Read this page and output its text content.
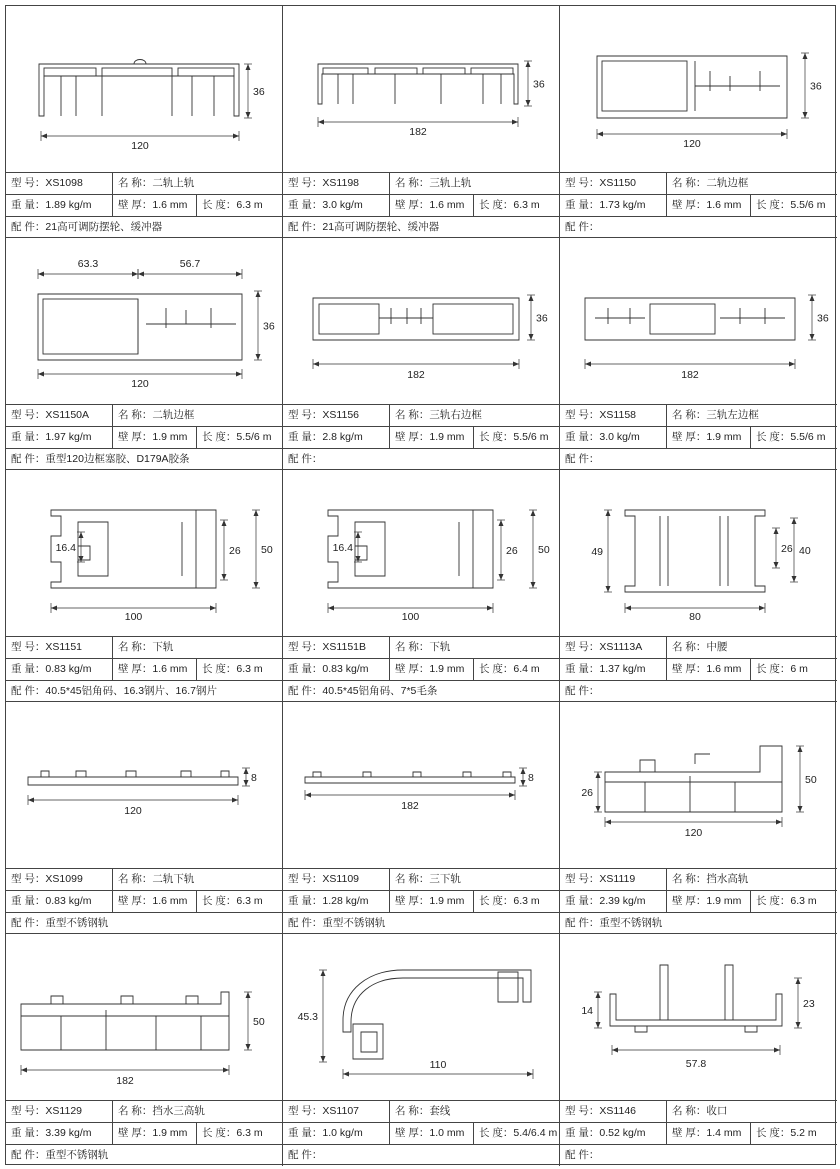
120
36
型 号：XS1098	名 称：二轨上轨
重 量：1.89 kg/m	壁 厚：1.6 mm	长 度：6.3 m
配 件：21高可调防摆轮、缓冲器
182
36
型 号：XS1198	名 称：三轨上轨
重 量：3.0 kg/m	壁 厚：1.6 mm	长 度：6.3 m
配 件：21高可调防摆轮、缓冲器
120
36
型 号：XS1150	名 称：二轨边框
重 量：1.73 kg/m	壁 厚：1.6 mm	长 度：5.5/6 m
配 件：
63.3	56.7
120
36
型 号：XS1150A	名 称：二轨边框
重 量：1.97 kg/m	壁 厚：1.9 mm	长 度：5.5/6 m
配 件：重型120边框塞胶、D179A胶条
182
36
型 号：XS1156	名 称：三轨右边框
重 量：2.8 kg/m	壁 厚：1.9 mm	长 度：5.5/6 m
配 件：
182
36
型 号：XS1158	名 称：三轨左边框
重 量：3.0 kg/m	壁 厚：1.9 mm	长 度：5.5/6 m
配 件：
100
16.4	26 50
型 号：XS1151	名 称：下轨
重 量：0.83 kg/m	壁 厚：1.6 mm	长 度：6.3 m
配 件：40.5*45铝角码、16.3钢片、16.7钢片
100
16.4	26 50
型 号：XS1151B	名 称：下轨
重 量：0.83 kg/m	壁 厚：1.9 mm	长 度：6.4 m
配 件：40.5*45铝角码、7*5毛条
80
49	26 40
型 号：XS1113A	名 称：中腰
重 量：1.37 kg/m	壁 厚：1.6 mm	长 度：6 m
配 件：
120
8
型 号：XS1099	名 称：二轨下轨
重 量：0.83 kg/m	壁 厚：1.6 mm	长 度：6.3 m
配 件：重型不锈钢轨
182
8
型 号：XS1109	名 称：三下轨
重 量：1.28 kg/m	壁 厚：1.9 mm	长 度：6.3 m
配 件：重型不锈钢轨
120
26
50
型 号：XS1119	名 称：挡水高轨
重 量：2.39 kg/m	壁 厚：1.9 mm	长 度：6.3 m
配 件：重型不锈钢轨
182
50
型 号：XS1129	名 称：挡水三高轨
重 量：3.39 kg/m	壁 厚：1.9 mm	长 度：6.3 m
配 件：重型不锈钢轨
110
45.3
型 号：XS1107	名 称：套线
重 量：1.0 kg/m	壁 厚：1.0 mm	长 度：5.4/6.4 m
配 件：
57.8
14
23
型 号：XS1146	名 称：收口
重 量：0.52 kg/m	壁 厚：1.4 mm	长 度：5.2 m
配 件：
